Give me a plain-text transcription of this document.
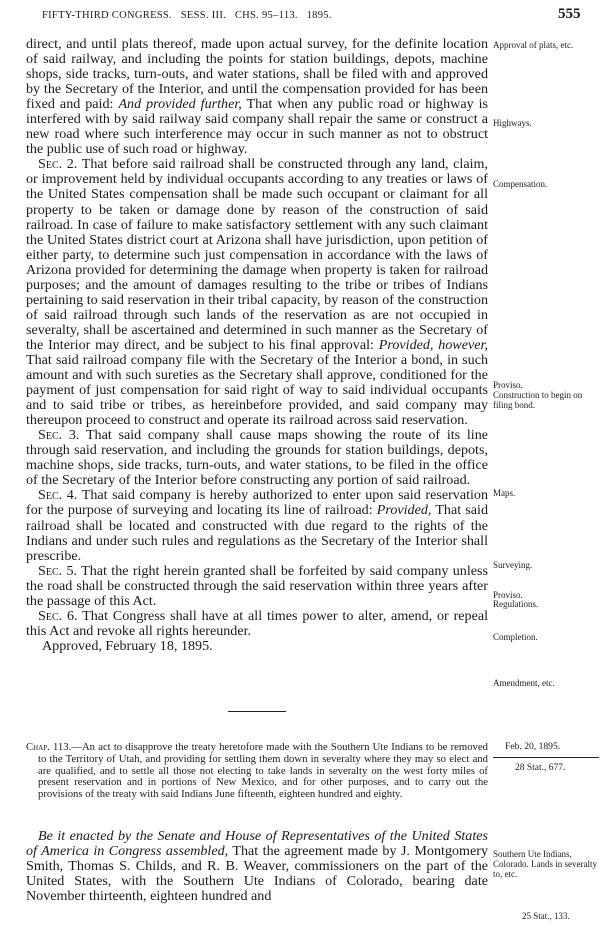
FIFTY-THIRD CONGRESS.   SESS. III.   CHS. 95–113.   1895.	555

direct, and until plats thereof, made upon actual survey, for the definite location of said railway, and including the points for station buildings, depots, machine shops, side tracks, turn-outs, and water stations, shall be filed with and approved by the Secretary of the Interior, and until the compensation provided for has been fixed and paid: And provided further, That when any public road or highway is interfered with by said railway said company shall repair the same or construct a new road where such interference may occur in such manner as not to obstruct the public use of such road or highway.

Sec. 2. That before said railroad shall be constructed through any land, claim, or improvement held by individual occupants according to any treaties or laws of the United States compensation shall be made such occupant or claimant for all property to be taken or damage done by reason of the construction of said railroad. In case of failure to make satisfactory settlement with any such claimant the United States district court at Arizona shall have jurisdiction, upon petition of either party, to determine such just compensation in accordance with the laws of Arizona provided for determining the damage when property is taken for railroad purposes; and the amount of damages resulting to the tribe or tribes of Indians pertaining to said reservation in their tribal capacity, by reason of the construction of said railroad through such lands of the reservation as are not occupied in severalty, shall be ascertained and determined in such manner as the Secretary of the Interior may direct, and be subject to his final approval: Provided, however, That said railroad company file with the Secretary of the Interior a bond, in such amount and with such sureties as the Secretary shall approve, conditioned for the payment of just compensation for said right of way to said individual occupants and to said tribe or tribes, as hereinbefore provided, and said company may thereupon proceed to construct and operate its railroad across said reservation.

Sec. 3. That said company shall cause maps showing the route of its line through said reservation, and including the grounds for station buildings, depots, machine shops, side tracks, turn-outs, and water stations, to be filed in the office of the Secretary of the Interior before constructing any portion of said railroad.

Sec. 4. That said company is hereby authorized to enter upon said reservation for the purpose of surveying and locating its line of railroad: Provided, That said railroad shall be located and constructed with due regard to the rights of the Indians and under such rules and regulations as the Secretary of the Interior shall prescribe.

Sec. 5. That the right herein granted shall be forfeited by said company unless the road shall be constructed through the said reservation within three years after the passage of this Act.

Sec. 6. That Congress shall have at all times power to alter, amend, or repeal this Act and revoke all rights hereunder.

Approved, February 18, 1895.

Approval of plats, etc.
Highways.
Compensation.
Proviso.
Construction to begin on filing bond.
Maps.
Surveying.
Proviso.
Regulations.
Completion.
Amendment, etc.

Chap. 113.—An act to disapprove the treaty heretofore made with the Southern Ute Indians to be removed to the Territory of Utah, and providing for settling them down in severalty where they may so elect and are qualified, and to settle all those not electing to take lands in severalty on the west forty miles of present reservation and in portions of New Mexico, and for other purposes, and to carry out the provisions of the treaty with said Indians June fifteenth, eighteen hundred and eighty.

Feb. 20, 1895.
28 Stat., 677.

Be it enacted by the Senate and House of Representatives of the United States of America in Congress assembled, That the agreement made by J. Montgomery Smith, Thomas S. Childs, and R. B. Weaver, commissioners on the part of the United States, with the Southern Ute Indians of Colorado, bearing date November thirteenth, eighteen hundred and

Southern Ute Indians, Colorado. Lands in severalty to, etc.
25 Stat., 133.
